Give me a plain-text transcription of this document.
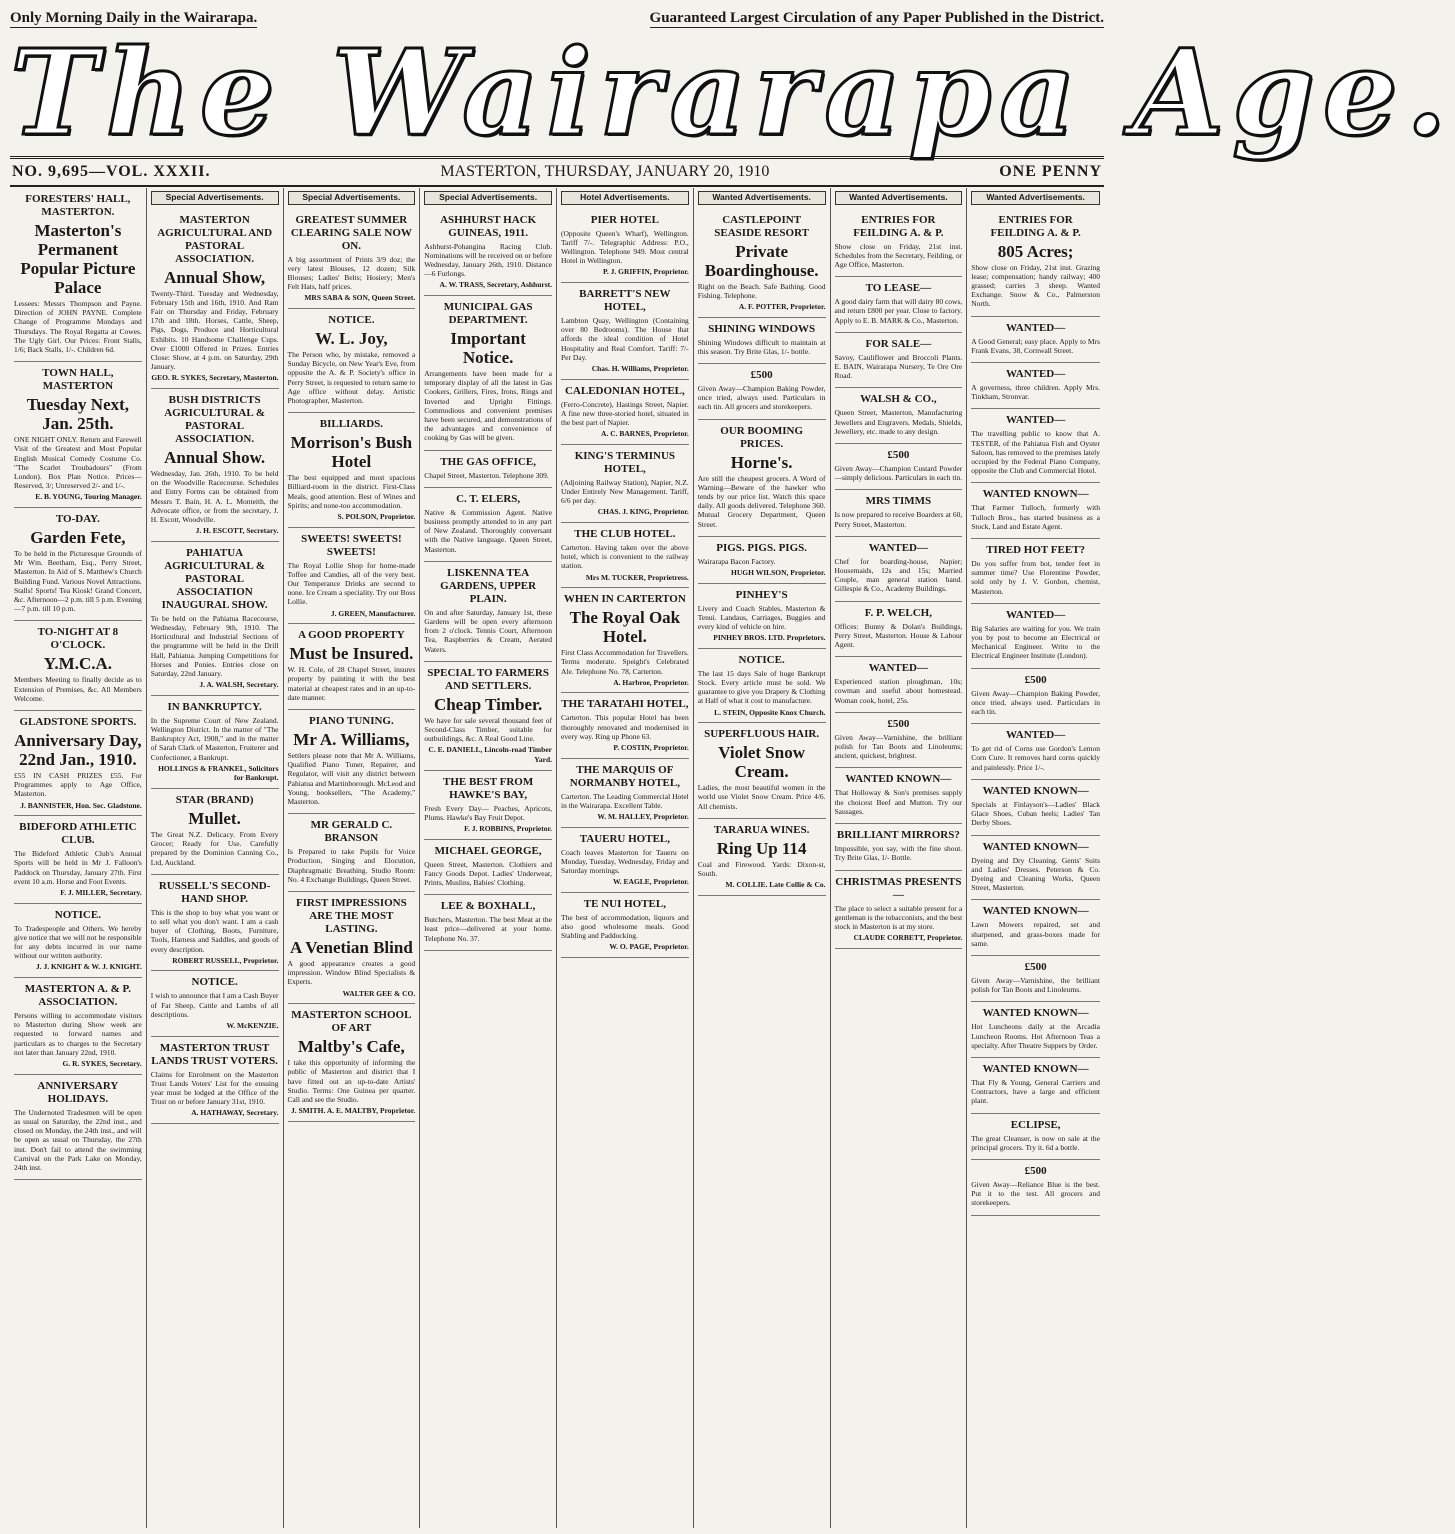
Only Morning Daily in the Wairarapa.	Guaranteed Largest Circulation of any Paper Published in the District.
The Wairarapa Age.
NO. 9,695—VOL. XXXII.	MASTERTON, THURSDAY, JANUARY 20, 1910	ONE PENNY
FORESTERS' HALL, MASTERTON.
Masterton's Permanent Popular Picture Palace
Lessees: Messrs Thompson and Payne. Direction of JOHN PAYNE. Complete Change of Programme Mondays and Thursdays. The Royal Regatta at Cowes. The Ugly Girl. Our Prices: Front Stalls, 1/6; Back Stalls, 1/-. Children 6d.
TOWN HALL, MASTERTON
Tuesday Next, Jan. 25th.
ONE NIGHT ONLY. Return and Farewell Visit of the Greatest and Most Popular English Musical Comedy Costume Co. "The Scarlet Troubadours" (From London). Box Plan Notice. Prices—Reserved, 3/; Unreserved 2/- and 1/-.
E. B. YOUNG, Touring Manager.
TO-DAY.
Garden Fete,
To be held in the Picturesque Grounds of Mr Wm. Beetham, Esq., Perry Street, Masterton. In Aid of S. Matthew's Church Building Fund. Various Novel Attractions. Stalls! Sports! Tea Kiosk! Grand Concert, &c. Afternoon—2 p.m. till 5 p.m. Evening—7 p.m. till 10 p.m.
TO-NIGHT AT 8 O'CLOCK.
Y.M.C.A.
Members Meeting to finally decide as to Extension of Premises, &c. All Members Welcome.
GLADSTONE SPORTS.
Anniversary Day, 22nd Jan., 1910.
£55 IN CASH PRIZES £55. For Programmes apply to Age Office, Masterton.
J. BANNISTER, Hon. Sec. Gladstone.
BIDEFORD ATHLETIC CLUB.
The Bideford Athletic Club's Annual Sports will be held in Mr J. Falloon's Paddock on Thursday, January 27th. First event 10 a.m. Horse and Foot Events.
F. J. MILLER, Secretary.
NOTICE.
To Tradespeople and Others. We hereby give notice that we will not be responsible for any debts incurred in our name without our written authority.
J. J. KNIGHT & W. J. KNIGHT.
MASTERTON A. & P. ASSOCIATION.
Persons willing to accommodate visitors to Masterton during Show week are requested to forward names and particulars as to charges to the Secretary not later than January 22nd, 1910.
G. R. SYKES, Secretary.
ANNIVERSARY HOLIDAYS.
The Undernoted Tradesmen will be open as usual on Saturday, the 22nd inst., and closed on Monday, the 24th inst., and will be open as usual on Thursday, the 27th inst. Don't fail to attend the swimming Carnival on the Park Lake on Monday, 24th inst.
Special Advertisements.
MASTERTON AGRICULTURAL AND PASTORAL ASSOCIATION.
Annual Show,
Twenty-Third. Tuesday and Wednesday, February 15th and 16th, 1910. And Ram Fair on Thursday and Friday, February 17th and 18th. Horses, Cattle, Sheep, Pigs, Dogs, Produce and Horticultural Exhibits. 10 Handsome Challenge Cups. Over £1000 Offered in Prizes. Entries Close: Show, at 4 p.m. on Saturday, 29th January.
GEO. R. SYKES, Secretary, Masterton.
BUSH DISTRICTS AGRICULTURAL & PASTORAL ASSOCIATION.
Annual Show.
Wednesday, Jan. 26th, 1910. To be held on the Woodville Racecourse. Schedules and Entry Forms can be obtained from Messrs T. Bain, H. A. L. Monteith, the Advocate office, or from the secretary, J. H. Escott, Woodville.
J. H. ESCOTT, Secretary.
PAHIATUA AGRICULTURAL & PASTORAL ASSOCIATION INAUGURAL SHOW.
To be held on the Pahiatua Racecourse, Wednesday, February 9th, 1910. The Horticultural and Industrial Sections of the programme will be held in the Drill Hall, Pahiatua. Jumping Competitions for Horses and Ponies. Entries close on Saturday, 22nd January.
J. A. WALSH, Secretary.
IN BANKRUPTCY.
In the Supreme Court of New Zealand. Wellington District. In the matter of "The Bankruptcy Act, 1908," and in the matter of Sarah Clark of Masterton, Fruiterer and Confectioner, a Bankrupt.
HOLLINGS & FRANKEL, Solicitors for Bankrupt.
STAR (BRAND)
Mullet.
The Great N.Z. Delicacy. From Every Grocer; Ready for Use. Carefully prepared by the Dominion Canning Co., Ltd, Auckland.
RUSSELL'S SECOND-HAND SHOP.
This is the shop to buy what you want or to sell what you don't want. I am a cash buyer of Clothing, Boots, Furniture, Tools, Harness and Saddles, and goods of every description.
ROBERT RUSSELL, Proprietor.
NOTICE.
I wish to announce that I am a Cash Buyer of Fat Sheep, Cattle and Lambs of all descriptions.
W. McKENZIE.
MASTERTON TRUST LANDS TRUST VOTERS.
Claims for Enrolment on the Masterton Trust Lands Voters' List for the ensuing year must be lodged at the Office of the Trust on or before January 31st, 1910.
A. HATHAWAY, Secretary.
Special Advertisements.
GREATEST SUMMER CLEARING SALE NOW ON.
A big assortment of Prints 3/9 doz; the very latest Blouses, 12 dozen; Silk Blouses; Ladies' Belts; Hosiery; Men's Felt Hats, half prices.
MRS SABA & SON, Queen Street.
NOTICE.
W. L. Joy,
The Person who, by mistake, removed a Sunday Bicycle, on New Year's Eve, from opposite the A. & P. Society's office in Perry Street, is requested to return same to Age office without delay. Artistic Photographer, Masterton.
BILLIARDS.
Morrison's Bush Hotel
The best equipped and most spacious Billiard-room in the district. First-Class Meals, good attention. Best of Wines and Spirits; and none-too accommodation.
S. POLSON, Proprietor.
SWEETS! SWEETS! SWEETS!
The Royal Lollie Shop for home-made Toffee and Candies, all of the very best. Our Temperance Drinks are second to none. Ice Cream a speciality. Try our Boss Lollie.
J. GREEN, Manufacturer.
A GOOD PROPERTY
Must be Insured.
W. H. Cole, of 28 Chapel Street, insures property by painting it with the best material at cheapest rates and in an up-to-date manner.
PIANO TUNING.
Mr A. Williams,
Settlers please note that Mr A. Williams, Qualified Piano Tuner, Repairer, and Regulator, will visit any district between Pahiatua and Martinborough. McLeod and Young, booksellers, "The Academy," Masterton.
MR GERALD C. BRANSON
Is Prepared to take Pupils for Voice Production, Singing and Elocution, Diaphragmatic Breathing. Studio Room: No. 4 Exchange Buildings, Queen Street.
FIRST IMPRESSIONS ARE THE MOST LASTING.
A Venetian Blind
A good appearance creates a good impression. Window Blind Specialists & Experts.
WALTER GEE & CO.
MASTERTON SCHOOL OF ART
Maltby's Cafe,
I take this opportunity of informing the public of Masterton and district that I have fitted out an up-to-date Artists' Studio. Terms: One Guinea per quarter. Call and see the Studio.
J. SMITH. A. E. MALTBY, Proprietor.
Special Advertisements.
ASHHURST HACK GUINEAS, 1911.
Ashhurst-Pohangina Racing Club. Nominations will be received on or before Wednesday, January 26th, 1910. Distance—6 Furlongs.
A. W. TRASS, Secretary, Ashhurst.
MUNICIPAL GAS DEPARTMENT.
Important Notice.
Arrangements have been made for a temporary display of all the latest in Gas Cookers, Grillers, Fires, Irons, Rings and Inverted and Upright Fittings. Commodious and convenient premises have been secured, and demonstrations of the advantages and convenience of cooking by Gas will be given.
THE GAS OFFICE,
Chapel Street, Masterton. Telephone 309.
C. T. ELERS,
Native & Commission Agent. Native business promptly attended to in any part of New Zealand. Thoroughly conversant with the Native language. Queen Street, Masterton.
LISKENNA TEA GARDENS, UPPER PLAIN.
On and after Saturday, January 1st, these Gardens will be open every afternoon from 2 o'clock. Tennis Court, Afternoon Tea, Raspberries & Cream, Aerated Waters.
SPECIAL TO FARMERS AND SETTLERS.
Cheap Timber.
We have for sale several thousand feet of Second-Class Timber, suitable for outbuildings, &c. A Real Good Line.
C. E. DANIELL, Lincoln-road Timber Yard.
THE BEST FROM HAWKE'S BAY,
Fresh Every Day— Peaches, Apricots, Plums. Hawke's Bay Fruit Depot.
F. J. ROBBINS, Proprietor.
MICHAEL GEORGE,
Queen Street, Masterton. Clothiers and Fancy Goods Depot. Ladies' Underwear, Prints, Muslins, Babies' Clothing.
LEE & BOXHALL,
Butchers, Masterton. The best Meat at the least price—delivered at your home. Telephone No. 37.
Hotel Advertisements.
PIER HOTEL
(Opposite Queen's Wharf), Wellington. Tariff 7/-. Telegraphic Address: P.O., Wellington. Telephone 949. Most central Hotel in Wellington.
P. J. GRIFFIN, Proprietor.
BARRETT'S NEW HOTEL,
Lambton Quay, Wellington (Containing over 80 Bedrooms). The House that affords the ideal condition of Hotel Hospitality and Real Comfort. Tariff: 7/- Per Day.
Chas. H. Williams, Proprietor.
CALEDONIAN HOTEL,
(Ferro-Concrete), Hastings Street, Napier. A fine new three-storied hotel, situated in the best part of Napier.
A. C. BARNES, Proprietor.
KING'S TERMINUS HOTEL,
(Adjoining Railway Station), Napier, N.Z. Under Entirely New Management. Tariff, 6/6 per day.
CHAS. J. KING, Proprietor.
THE CLUB HOTEL.
Carterton. Having taken over the above hotel, which is convenient to the railway station.
Mrs M. TUCKER, Proprietress.
WHEN IN CARTERTON
The Royal Oak Hotel.
First Class Accommodation for Travellers. Terms moderate. Speight's Celebrated Ale. Telephone No. 78, Carterton.
A. Harbroe, Proprietor.
THE TARATAHI HOTEL,
Carterton. This popular Hotel has been thoroughly renovated and modernised in every way. Ring up Phone 63.
P. COSTIN, Proprietor.
THE MARQUIS OF NORMANBY HOTEL,
Carterton. The Leading Commercial Hotel in the Wairarapa. Excellent Table.
W. M. HALLEY, Proprietor.
TAUERU HOTEL,
Coach leaves Masterton for Taueru on Monday, Tuesday, Wednesday, Friday and Saturday mornings.
W. EAGLE, Proprietor.
TE NUI HOTEL,
The best of accommodation, liquors and also good wholesome meals. Good Stabling and Paddocking.
W. O. PAGE, Proprietor.
Wanted Advertisements.
CASTLEPOINT SEASIDE RESORT
Private Boardinghouse.
Right on the Beach. Safe Bathing. Good Fishing. Telephone.
A. F. POTTER, Proprietor.
SHINING WINDOWS
Shining Windows difficult to maintain at this season. Try Brite Glas, 1/- bottle.
£500
Given Away—Champion Baking Powder, once tried, always used. Particulars in each tin. All grocers and storekeepers.
OUR BOOMING PRICES.
Horne's.
Are still the cheapest grocers. A Word of Warning—Beware of the hawker who tends by our price list. Watch this space daily. All goods delivered. Telephone 360. Mutual Grocery Department, Queen Street.
PIGS. PIGS. PIGS.
Wairarapa Bacon Factory.
HUGH WILSON, Proprietor.
PINHEY'S
Livery and Coach Stables, Masterton & Tenui. Landaus, Carriages, Buggies and every kind of vehicle on hire.
PINHEY BROS. LTD. Proprietors.
NOTICE.
The last 15 days Sale of huge Bankrupt Stock. Every article must be sold. We guarantee to give you Drapery & Clothing at Half of what it cost to manufacture.
L. STEIN, Opposite Knox Church.
SUPERFLUOUS HAIR.
Violet Snow Cream.
Ladies, the most beautiful women in the world use Violet Snow Cream. Price 4/6. All chemists.
TARARUA WINES.
Ring Up 114
Coal and Firewood. Yards: Dixon-st, South.
M. COLLIE. Late Collie & Co.
Wanted Advertisements.
ENTRIES FOR FEILDING A. & P.
Show close on Friday, 21st inst. Schedules from the Secretary, Feilding, or Age Office, Masterton.
TO LEASE—
A good dairy farm that will dairy 80 cows, and return £800 per year. Close to factory. Apply to E. B. MARK & Co., Masterton.
FOR SALE—
Savoy, Cauliflower and Broccoli Plants. E. BAIN, Wairarapa Nursery, Te Ore Ore Road.
WALSH & CO.,
Queen Street, Masterton, Manufacturing Jewellers and Engravers. Medals, Shields, Jewellery, etc. made to any design.
£500
Given Away—Champion Custard Powder—simply delicious. Particulars in each tin.
MRS TIMMS
Is now prepared to receive Boarders at 60, Perry Street, Masterton.
WANTED—
Chef for boarding-house, Napier; Housemaids, 12s and 15s; Married Couple, man general station hand. Gillespie & Co., Academy Buildings.
F. P. WELCH,
Offices: Bunny & Dolan's Buildings, Perry Street, Masterton. House & Labour Agent.
WANTED—
Experienced station ploughman, 10s; cowman and useful about homestead. Woman cook, hotel, 25s.
£500
Given Away—Varnishine, the brilliant polish for Tan Boots and Linoleums; ancient, quickest, brightest.
WANTED KNOWN—
That Holloway & Son's premises supply the choicest Beef and Mutton. Try our Sausages.
BRILLIANT MIRRORS?
Impossible, you say, with the fine shout. Try Brite Glas, 1/- Bottle.
CHRISTMAS PRESENTS—
The place to select a suitable present for a gentleman is the tobacconists, and the best stock in Masterton is at my store.
CLAUDE CORBETT, Proprietor.
Wanted Advertisements.
ENTRIES FOR FEILDING A. & P.
805 Acres;
Show close on Friday, 21st inst. Grazing lease; compensation; handy railway; 400 grassed; carries 3 sheep. Wanted Exchange. Snow & Co., Palmerston North.
WANTED—
A Good General; easy place. Apply to Mrs Frank Evans, 38, Cornwall Street.
WANTED—
A governess, three children. Apply Mrs. Tinkham, Stronvar.
WANTED—
The travelling public to know that A. TESTER, of the Pahiatua Fish and Oyster Saloon, has removed to the premises lately occupied by the Federal Piano Company, opposite the Club and Commercial Hotel.
WANTED KNOWN—
That Farmer Tulloch, formerly with Tulloch Bros., has started business as a Stock, Land and Estate Agent.
TIRED HOT FEET?
Do you suffer from hot, tender feet in summer time? Use Florentine Powder, sold only by J. V. Gordon, chemist, Masterton.
WANTED—
Big Salaries are waiting for you. We train you by post to become an Electrical or Mechanical Engineer. Write to the Electrical Engineer Institute (London).
£500
Given Away—Champion Baking Powder, once tried, always used. Particulars in each tin.
WANTED—
To get rid of Corns use Gordon's Lemon Corn Cure. It removes hard corns quickly and painlessly. Price 1/-.
WANTED KNOWN—
Specials at Finlayson's—Ladies' Black Glace Shoes, Cuban heels; Ladies' Tan Derby Shoes.
WANTED KNOWN—
Dyeing and Dry Cleaning. Gents' Suits and Ladies' Dresses. Peterson & Co. Dyeing and Cleaning Works, Queen Street, Masterton.
WANTED KNOWN—
Lawn Mowers repaired, set and sharpened, and grass-boxes made for same.
£500
Given Away—Varnishine, the brilliant polish for Tan Boots and Linoleums.
WANTED KNOWN—
Hot Luncheons daily at the Arcadia Luncheon Rooms. Hot Afternoon Teas a specialty. After Theatre Suppers by Order.
WANTED KNOWN—
That Fly & Young, General Carriers and Contractors, have a large and efficient plant.
ECLIPSE,
The great Cleanser, is now on sale at the principal grocers. Try it. 6d a bottle.
£500
Given Away—Reliance Blue is the best. Put it to the test. All grocers and storekeepers.
